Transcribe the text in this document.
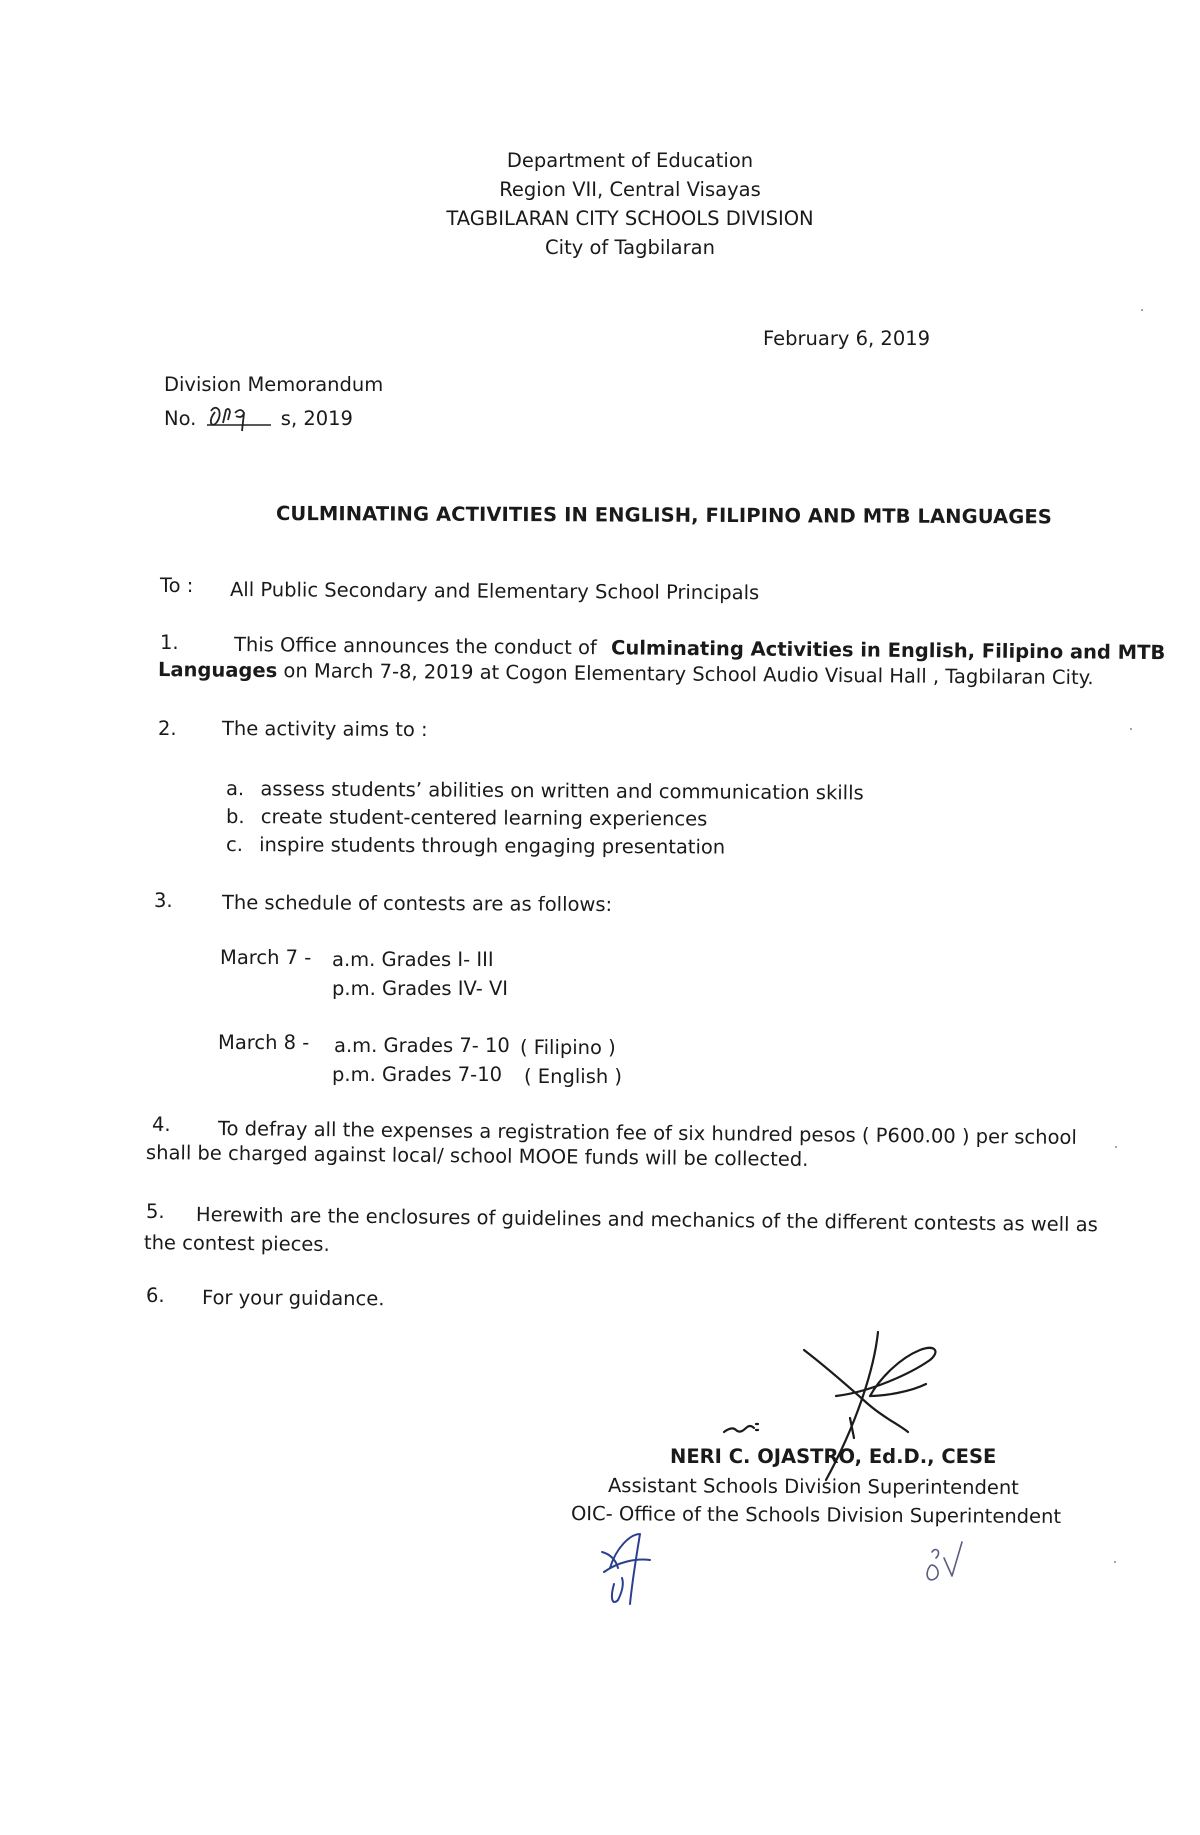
Department of Education
Region VII, Central Visayas
TAGBILARAN CITY SCHOOLS DIVISION
City of Tagbilaran
February 6, 2019
Division Memorandum
No.	s, 2019
CULMINATING ACTIVITIES IN ENGLISH, FILIPINO AND MTB LANGUAGES
To : All Public Secondary and Elementary School Principals
1.	This Office announces the conduct of Culminating Activities in English, Filipino and MTB
Languages on March 7-8, 2019 at Cogon Elementary School Audio Visual Hall , Tagbilaran City.
2. The activity aims to :
a. assess students’ abilities on written and communication skills
b. create student-centered learning experiences
c. inspire students through engaging presentation
3.	The schedule of contests are as follows:
March 7 - a.m. Grades I- III
p.m. Grades IV- VI
March 8 - a.m. Grades 7- 10 ( Filipino )
p.m. Grades 7-10 ( English )
4. To defray all the expenses a registration fee of six hundred pesos ( P600.00 ) per school
shall be charged against local/ school MOOE funds will be collected.
5. Herewith are the enclosures of guidelines and mechanics of the different contests as well as
the contest pieces.
6. For your guidance.
NERI C. OJASTRO, Ed.D., CESE
Assistant Schools Division Superintendent
OIC- Office of the Schools Division Superintendent
